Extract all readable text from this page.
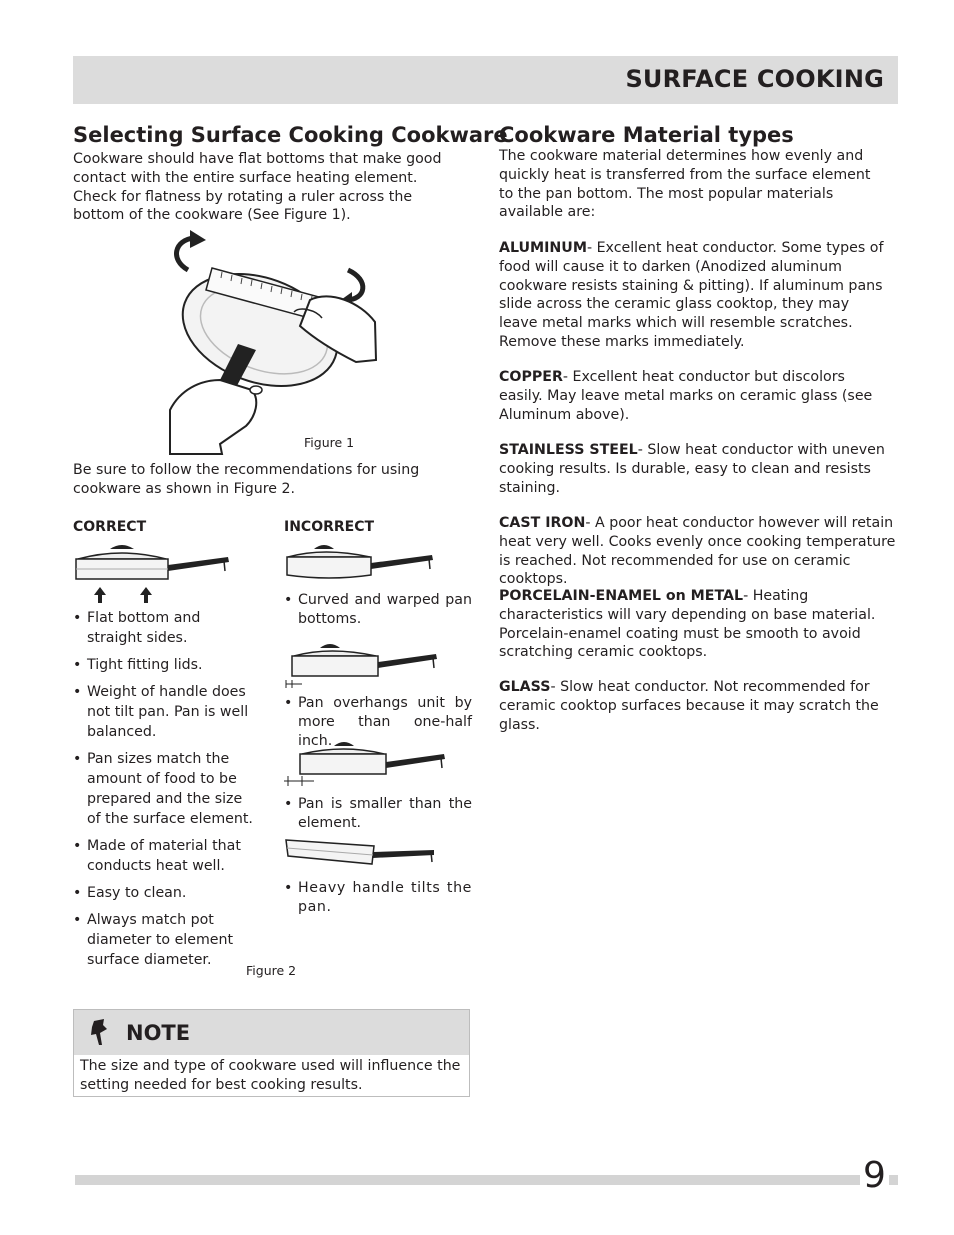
SURFACE COOKING
Selecting Surface Cooking Cookware

Cookware should have flat bottoms that make good contact with the entire surface heating element. Check for flatness by rotating a ruler across the bottom of the cookware (See Figure 1).

Figure 1

Be sure to follow the recommendations for using cookware as shown in Figure 2.

CORRECT
• Flat bottom and straight sides.
• Tight fitting lids.
• Weight of handle does not tilt pan. Pan is well balanced.
• Pan sizes match the amount of food to be prepared and the size of the surface element.
• Made of material that conducts heat well.
• Easy to clean.
• Always match pot diameter to element surface diameter.
INCORRECT
• Curved and warped pan bottoms.
• Pan overhangs unit by more than one-half inch.
• Pan is smaller than the element.
• Heavy handle tilts the pan.
Figure 2
NOTE
The size and type of cookware used will influence the setting needed for best cooking results.
Cookware Material types

The cookware material determines how evenly and quickly heat is transferred from the surface element to the pan bottom. The most popular materials available are:

ALUMINUM- Excellent heat conductor. Some types of food will cause it to darken (Anodized aluminum cookware resists staining & pitting). If aluminum pans slide across the ceramic glass cooktop, they may leave metal marks which will resemble scratches. Remove these marks immediately.

COPPER- Excellent heat conductor but discolors easily. May leave metal marks on ceramic glass (see Aluminum above).

STAINLESS STEEL- Slow heat conductor with uneven cooking results. Is durable, easy to clean and resists staining.

CAST IRON- A poor heat conductor however will retain heat very well. Cooks evenly once cooking temperature is reached. Not recommended for use on ceramic cooktops.

PORCELAIN-ENAMEL on METAL- Heating characteristics will vary depending on base material. Porcelain-enamel coating must be smooth to avoid scratching ceramic cooktops.

GLASS- Slow heat conductor. Not recommended for ceramic cooktop surfaces because it may scratch the glass.

9
